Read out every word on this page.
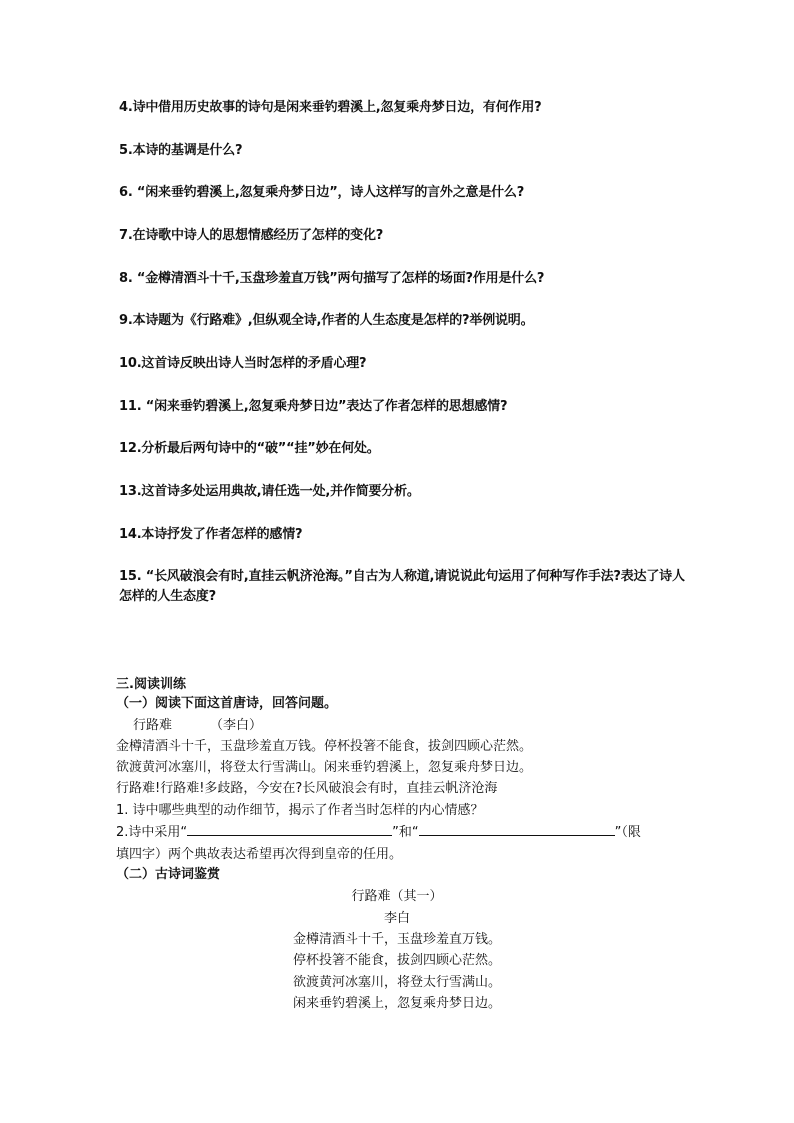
4.诗中借用历史故事的诗句是闲来垂钓碧溪上,忽复乘舟梦日边，有何作用?
5.本诗的基调是什么?
6. “闲来垂钓碧溪上,忽复乘舟梦日边”，诗人这样写的言外之意是什么?
7.在诗歌中诗人的思想情感经历了怎样的变化?
8. “金樽清酒斗十千,玉盘珍羞直万钱”两句描写了怎样的场面?作用是什么?
9.本诗题为《行路难》,但纵观全诗,作者的人生态度是怎样的?举例说明。
10.这首诗反映出诗人当时怎样的矛盾心理?
11. “闲来垂钓碧溪上,忽复乘舟梦日边”表达了作者怎样的思想感情?
12.分析最后两句诗中的“破”“挂”妙在何处。
13.这首诗多处运用典故,请任选一处,并作简要分析。
14.本诗抒发了作者怎样的感情?
15. “长风破浪会有时,直挂云帆济沧海。”自古为人称道,请说说此句运用了何种写作手法?表达了诗人怎样的人生态度?
三.阅读训练
（一）阅读下面这首唐诗，回答问题。
行路难	（李白）
金樽清酒斗十千，玉盘珍羞直万钱。停杯投箸不能食，拔剑四顾心茫然。
欲渡黄河冰塞川，将登太行雪满山。闲来垂钓碧溪上，忽复乘舟梦日边。
行路难!行路难!多歧路，今安在?长风破浪会有时，直挂云帆济沧海
1. 诗中哪些典型的动作细节，揭示了作者当时怎样的内心情感？
2.诗中采用“	”和“	”（限
填四字）两个典故表达希望再次得到皇帝的任用。
（二）古诗词鉴赏
行路难（其一）
李白
金樽清酒斗十千，玉盘珍羞直万钱。
停杯投箸不能食，拔剑四顾心茫然。
欲渡黄河冰塞川，将登太行雪满山。
闲来垂钓碧溪上，忽复乘舟梦日边。
